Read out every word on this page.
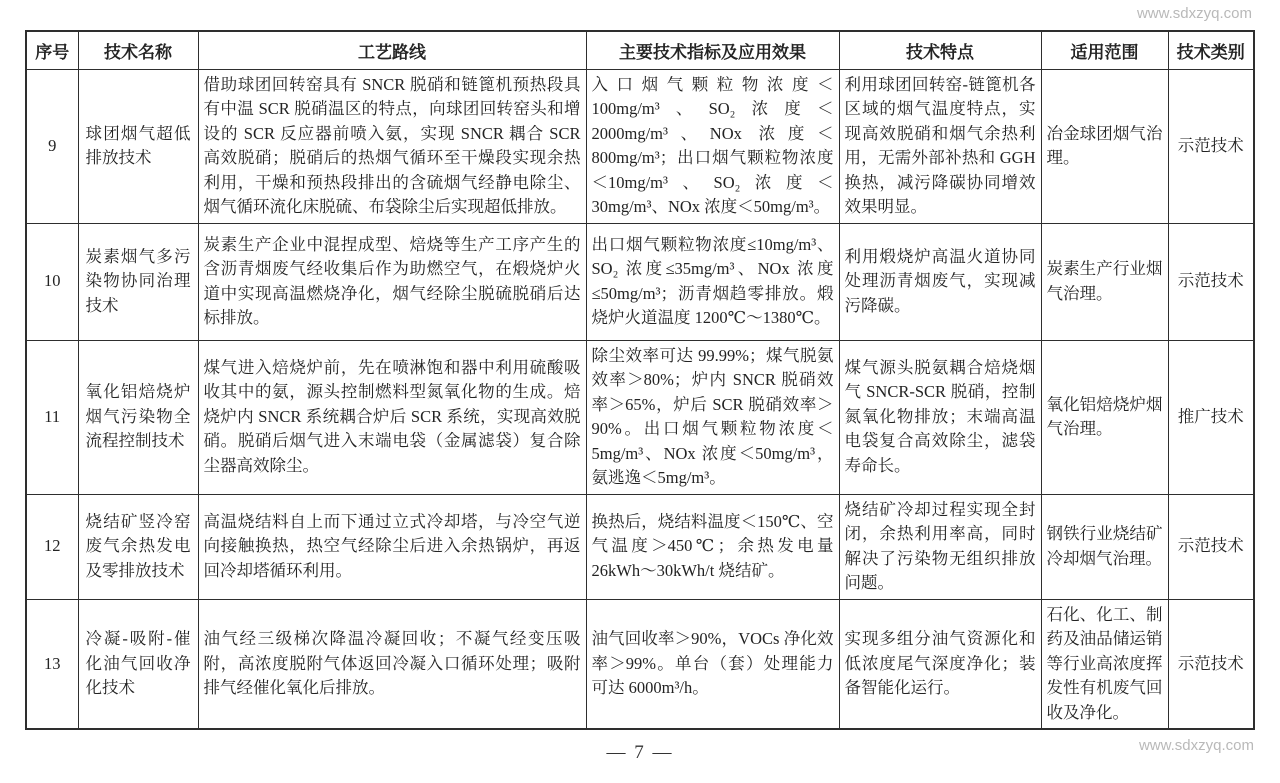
www.sdxzyq.com
序号	技术名称	工艺路线	主要技术指标及应用效果	技术特点	适用范围	技术类别
9	球团烟气超低排放技术	借助球团回转窑具有 SNCR 脱硝和链篦机预热段具有中温 SCR 脱硝温区的特点，向球团回转窑头和增设的 SCR 反应器前喷入氨，实现 SNCR 耦合 SCR 高效脱硝；脱硝后的热烟气循环至干燥段实现余热利用，干燥和预热段排出的含硫烟气经静电除尘、烟气循环流化床脱硫、布袋除尘后实现超低排放。	入口烟气颗粒物浓度＜100mg/m³、SO₂浓度＜2000mg/m³、NOx 浓度＜800mg/m³；出口烟气颗粒物浓度＜10mg/m³、SO₂浓度＜30mg/m³、NOx 浓度＜50mg/m³。	利用球团回转窑-链篦机各区域的烟气温度特点，实现高效脱硝和烟气余热利用，无需外部补热和 GGH 换热，减污降碳协同增效效果明显。	冶金球团烟气治理。	示范技术
10	炭素烟气多污染物协同治理技术	炭素生产企业中混捏成型、焙烧等生产工序产生的含沥青烟废气经收集后作为助燃空气，在煅烧炉火道中实现高温燃烧净化，烟气经除尘脱硫脱硝后达标排放。	出口烟气颗粒物浓度≤10mg/m³、SO₂ 浓度≤35mg/m³、NOx 浓度≤50mg/m³；沥青烟趋零排放。煅烧炉火道温度 1200℃～1380℃。	利用煅烧炉高温火道协同处理沥青烟废气，实现减污降碳。	炭素生产行业烟气治理。	示范技术
11	氧化铝焙烧炉烟气污染物全流程控制技术	煤气进入焙烧炉前，先在喷淋饱和器中利用硫酸吸收其中的氨，源头控制燃料型氮氧化物的生成。焙烧炉内 SNCR 系统耦合炉后 SCR 系统，实现高效脱硝。脱硝后烟气进入末端电袋（金属滤袋）复合除尘器高效除尘。	除尘效率可达 99.99%；煤气脱氨效率＞80%；炉内 SNCR 脱硝效率＞65%，炉后 SCR 脱硝效率＞90%。出口烟气颗粒物浓度＜5mg/m³、NOx 浓度＜50mg/m³，氨逃逸＜5mg/m³。	煤气源头脱氨耦合焙烧烟气 SNCR-SCR 脱硝，控制氮氧化物排放；末端高温电袋复合高效除尘，滤袋寿命长。	氧化铝焙烧炉烟气治理。	推广技术
12	烧结矿竖冷窑废气余热发电及零排放技术	高温烧结料自上而下通过立式冷却塔，与冷空气逆向接触换热，热空气经除尘后进入余热锅炉，再返回冷却塔循环利用。	换热后，烧结料温度＜150℃、空气温度＞450℃；余热发电量 26kWh～30kWh/t 烧结矿。	烧结矿冷却过程实现全封闭，余热利用率高，同时解决了污染物无组织排放问题。	钢铁行业烧结矿冷却烟气治理。	示范技术
13	冷凝-吸附-催化油气回收净化技术	油气经三级梯次降温冷凝回收；不凝气经变压吸附，高浓度脱附气体返回冷凝入口循环处理；吸附排气经催化氧化后排放。	油气回收率＞90%，VOCs 净化效率＞99%。单台（套）处理能力可达 6000m³/h。	实现多组分油气资源化和低浓度尾气深度净化；装备智能化运行。	石化、化工、制药及油品储运销等行业高浓度挥发性有机废气回收及净化。	示范技术
— 7 —	www.sdxzyq.com
